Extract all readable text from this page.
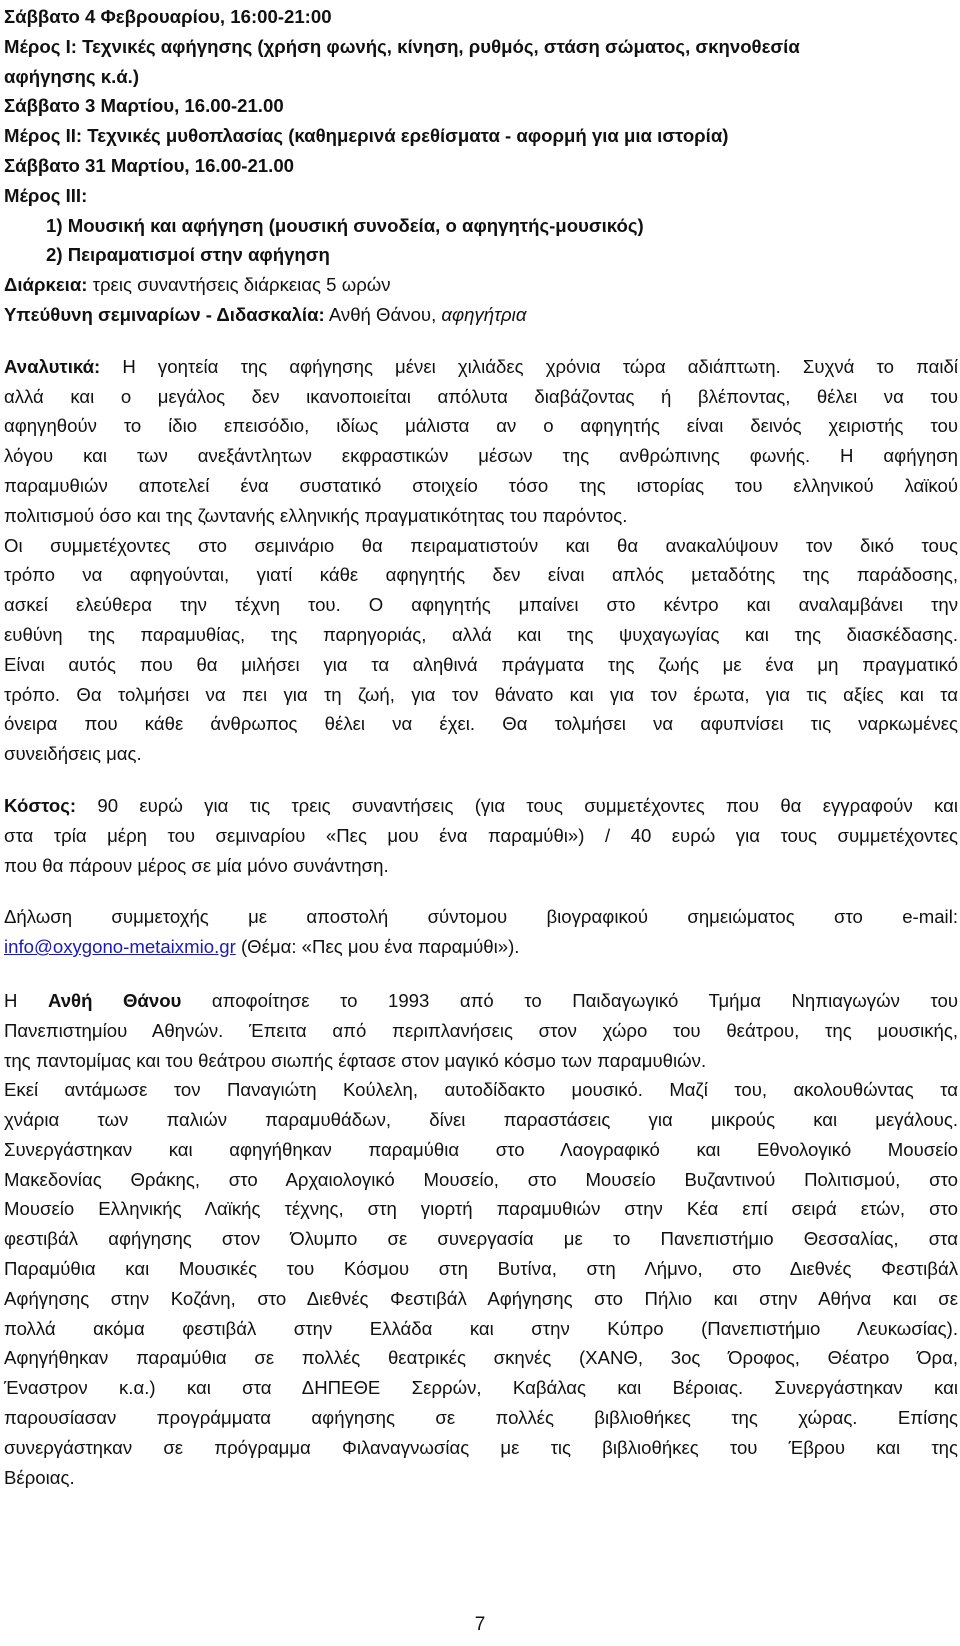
Σάββατο 4 Φεβρουαρίου, 16:00-21:00
Μέρος Ι: Τεχνικές αφήγησης (χρήση φωνής, κίνηση, ρυθμός, στάση σώματος, σκηνοθεσία
αφήγησης κ.ά.)
Σάββατο 3 Μαρτίου, 16.00-21.00
Μέρος ΙΙ: Τεχνικές μυθοπλασίας (καθημερινά ερεθίσματα - αφορμή για μια ιστορία)
Σάββατο 31 Μαρτίου, 16.00-21.00
Μέρος ΙΙΙ:
1) Μουσική και αφήγηση (μουσική συνοδεία, ο αφηγητής-μουσικός)
2) Πειραματισμοί στην αφήγηση
Διάρκεια: τρεις συναντήσεις διάρκειας 5 ωρών
Υπεύθυνη σεμιναρίων - Διδασκαλία: Ανθή Θάνου, αφηγήτρια
Αναλυτικά: Η γοητεία της αφήγησης μένει χιλιάδες χρόνια τώρα αδιάπτωτη. Συχνά το παιδί
αλλά και ο μεγάλος δεν ικανοποιείται απόλυτα διαβάζοντας ή βλέποντας, θέλει να του
αφηγηθούν το ίδιο επεισόδιο, ιδίως μάλιστα αν ο αφηγητής είναι δεινός χειριστής του
λόγου και των ανεξάντλητων εκφραστικών μέσων της ανθρώπινης φωνής. Η αφήγηση
παραμυθιών αποτελεί ένα συστατικό στοιχείο τόσο της ιστορίας του ελληνικού λαϊκού
πολιτισμού όσο και της ζωντανής ελληνικής πραγματικότητας του παρόντος.
Οι συμμετέχοντες στο σεμινάριο θα πειραματιστούν και θα ανακαλύψουν τον δικό τους
τρόπο να αφηγούνται, γιατί κάθε αφηγητής δεν είναι απλός μεταδότης της παράδοσης,
ασκεί ελεύθερα την τέχνη του. Ο αφηγητής μπαίνει στο κέντρο και αναλαμβάνει την
ευθύνη της παραμυθίας, της παρηγοριάς, αλλά και της ψυχαγωγίας και της διασκέδασης.
Είναι αυτός που θα μιλήσει για τα αληθινά πράγματα της ζωής με ένα μη πραγματικό
τρόπο. Θα τολμήσει να πει για τη ζωή, για τον θάνατο και για τον έρωτα, για τις αξίες και τα
όνειρα που κάθε άνθρωπος θέλει να έχει. Θα τολμήσει να αφυπνίσει τις ναρκωμένες
συνειδήσεις μας.
Κόστος: 90 ευρώ για τις τρεις συναντήσεις (για τους συμμετέχοντες που θα εγγραφούν και
στα τρία μέρη του σεμιναρίου «Πες μου ένα παραμύθι») / 40 ευρώ για τους συμμετέχοντες
που θα πάρουν μέρος σε μία μόνο συνάντηση.
Δήλωση συμμετοχής με αποστολή σύντομου βιογραφικού σημειώματος στο e-mail:
info@oxygono-metaixmio.gr (Θέμα: «Πες μου ένα παραμύθι»).
Η Ανθή Θάνου αποφοίτησε το 1993 από το Παιδαγωγικό Τμήμα Νηπιαγωγών του
Πανεπιστημίου Αθηνών. Έπειτα από περιπλανήσεις στον χώρο του θεάτρου, της μουσικής,
της παντομίμας και του θεάτρου σιωπής έφτασε στον μαγικό κόσμο των παραμυθιών.
Εκεί αντάμωσε τον Παναγιώτη Κούλελη, αυτοδίδακτο μουσικό. Μαζί του, ακολουθώντας τα
χνάρια των παλιών παραμυθάδων, δίνει παραστάσεις για μικρούς και μεγάλους.
Συνεργάστηκαν και αφηγήθηκαν παραμύθια στο Λαογραφικό και Εθνολογικό Μουσείο
Μακεδονίας Θράκης, στο Αρχαιολογικό Μουσείο, στο Μουσείο Βυζαντινού Πολιτισμού, στο
Μουσείο Ελληνικής Λαϊκής τέχνης, στη γιορτή παραμυθιών στην Κέα επί σειρά ετών, στο
φεστιβάλ αφήγησης στον Όλυμπο σε συνεργασία με το Πανεπιστήμιο Θεσσαλίας, στα
Παραμύθια και Μουσικές του Κόσμου στη Βυτίνα, στη Λήμνο, στο Διεθνές Φεστιβάλ
Αφήγησης στην Κοζάνη, στο Διεθνές Φεστιβάλ Αφήγησης στο Πήλιο και στην Αθήνα και σε
πολλά ακόμα φεστιβάλ στην Ελλάδα και στην Κύπρο (Πανεπιστήμιο Λευκωσίας).
Αφηγήθηκαν παραμύθια σε πολλές θεατρικές σκηνές (ΧΑΝΘ, 3ος Όροφος, Θέατρο Όρα,
Έναστρον κ.α.) και στα ΔΗΠΕΘΕ Σερρών, Καβάλας και Βέροιας. Συνεργάστηκαν και
παρουσίασαν προγράμματα αφήγησης σε πολλές βιβλιοθήκες της χώρας. Επίσης
συνεργάστηκαν σε πρόγραμμα Φιλαναγνωσίας με τις βιβλιοθήκες του Έβρου και της
Βέροιας.
7
